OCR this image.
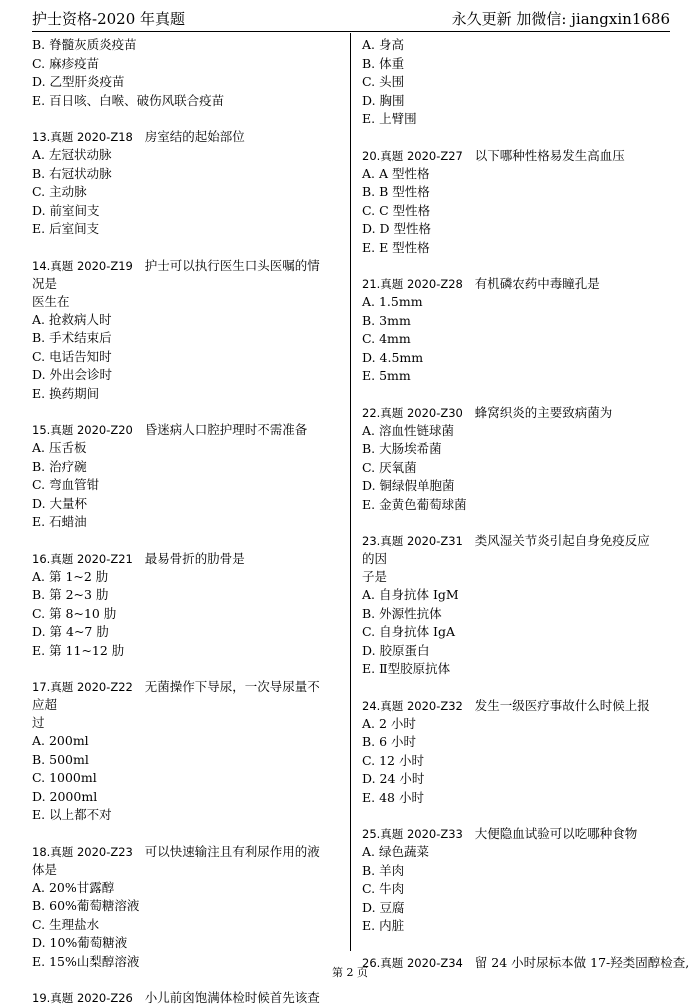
护士资格-2020 年真题	永久更新 加微信: jiangxin1686

B. 脊髓灰质炎疫苗

C. 麻疹疫苗

D. 乙型肝炎疫苗

E. 百日咳、白喉、破伤风联合疫苗

13.真题 2020-Z18 房室结的起始部位

A. 左冠状动脉

B. 右冠状动脉

C. 主动脉

D. 前室间支

E. 后室间支

14.真题 2020-Z19 护士可以执行医生口头医嘱的情况是

医生在

A. 抢救病人时

B. 手术结束后

C. 电话告知时

D. 外出会诊时

E. 换药期间

15.真题 2020-Z20 昏迷病人口腔护理时不需准备

A. 压舌板

B. 治疗碗

C. 弯血管钳

D. 大量杯

E. 石蜡油

16.真题 2020-Z21 最易骨折的肋骨是

A. 第 1~2 肋

B. 第 2~3 肋

C. 第 8~10 肋

D. 第 4~7 肋

E. 第 11~12 肋

17.真题 2020-Z22 无菌操作下导尿，一次导尿量不应超

过

A. 200ml

B. 500ml

C. 1000ml

D. 2000ml

E. 以上都不对

18.真题 2020-Z23 可以快速输注且有利尿作用的液体是

A. 20%甘露醇

B. 60%葡萄糖溶液

C. 生理盐水

D. 10%葡萄糖液

E. 15%山梨醇溶液

19.真题 2020-Z26 小儿前囟饱满体检时候首先该查

A. 身高

B. 体重

C. 头围

D. 胸围

E. 上臂围

20.真题 2020-Z27 以下哪种性格易发生高血压

A. A 型性格

B. B 型性格

C. C 型性格

D. D 型性格

E. E 型性格

21.真题 2020-Z28 有机磷农药中毒瞳孔是

A. 1.5mm

B. 3mm

C. 4mm

D. 4.5mm

E. 5mm

22.真题 2020-Z30 蜂窝织炎的主要致病菌为

A. 溶血性链球菌

B. 大肠埃希菌

C. 厌氧菌

D. 铜绿假单胞菌

E. 金黄色葡萄球菌

23.真题 2020-Z31 类风湿关节炎引起自身免疫反应的因

子是

A. 自身抗体 IgM

B. 外源性抗体

C. 自身抗体 IgA

D. 胶原蛋白

E. Ⅱ型胶原抗体

24.真题 2020-Z32 发生一级医疗事故什么时候上报

A. 2 小时

B. 6 小时

C. 12 小时

D. 24 小时

E. 48 小时

25.真题 2020-Z33 大便隐血试验可以吃哪种食物

A. 绿色蔬菜

B. 羊肉

C. 牛肉

D. 豆腐

E. 内脏

26.真题 2020-Z34 留 24 小时尿标本做 17-羟类固醇检查,

第 2 页
